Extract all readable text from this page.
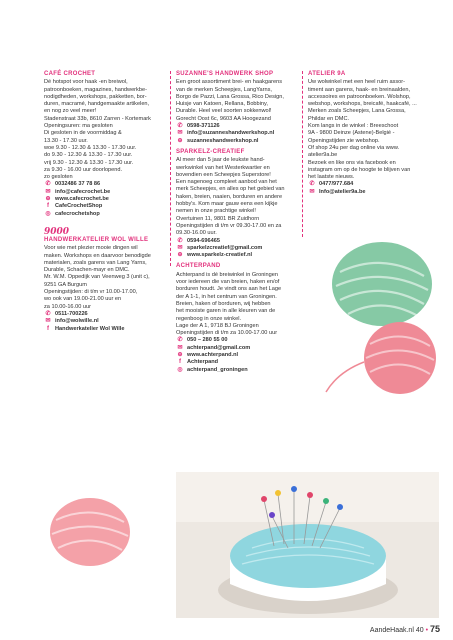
CAFÉ CROCHET
Dé hotspot voor haak -en breiwol,
patroonboeken, magazines, handwerkbe-
nodigdheden, workshops, pakketten, bor-
duren, macramé, handgemaakte artikelen,
en nog zo veel meer!
Stadenstraat 33b, 8610 Zarren - Kortemark
Openingsuren: ma gesloten
Di gesloten in de voormiddag &
13.30 - 17.30 uur.
woe 9.30 - 12.30 & 13.30 - 17.30 uur.
do 9.30 - 12.30 & 13.30 - 17.30 uur.
vrij 9.30 - 12.30 & 13.30 - 17.30 uur.
za 9.30 - 16.00 uur doorlopend.
zo gesloten
✆ 0032486 37 78 86
✉ info@cafecrochet.be
⊕ www.cafecrochet.be
f	CafeCrochetShop
◎ cafecrochetshop
9000
HANDWERKATELIER WOL WILLE
Voor wie met plezier mooie dingen wil
maken. Workshops en daarvoor benodigde
materialen, zoals garens van Lang Yarns,
Durable, Schachen-mayr en DMC.
Mr. W.M. Oppedijk van Veenweg 3 (unit c),
9251 GA Burgum
Openingstijden: di t/m vr 10.00-17.00,
wo ook van 19.00-21.00 uur en
za 10.00-16.00 uur
✆ 0511-700226
✉ info@wolwille.nl
f	Handwerkatelier Wol Wille
SUZANNE'S HANDWERK SHOP
Een groot assortiment brei- en haakgarens
van de merken Scheepjes, LangYarns,
Borgo de Pazzi, Lana Grossa, Rico Design,
Huisje van Katoen, Rellana, Bobbiny,
Durable. Heel veel soorten sokkenwol!
Gorecht Oost 6c, 9603 AA Hoogezand
✆ 0598-371126
✉ info@suzanneshandwerkshop.nl
⊕ suzanneshandwerkshop.nl
SPARKELZ-CREATIEF
Al meer dan 5 jaar de leukste hand-
werkwinkel van het Westerkwartier en
bovendien een Scheepjes Superstore!
Een nagenoeg compleet aanbod van het
merk Scheepjes, en alles op het gebied van
haken, breien, naaien, borduren en andere
hobby's. Kom maar gauw eens een kijkje
nemen in onze prachtige winkel!
Overtuinen 11, 9801 BR Zuidhorn
Openingstijden di t/m vr 09.30-17.00 en za
09.30-16.00 uur.
✆ 0594-696465
✉ sparkelzcreatief@gmail.com
⊕ www.sparkelz-creatief.nl
ACHTERPAND
Achterpand is dé breiwinkel in Groningen
voor iedereen die van breien, haken en/of
borduren houdt. Je vindt ons aan het Lage
der A 1-1, in het centrum van Groningen.
Breien, haken of borduren, wij hebben
het mooiste garen in alle kleuren van de
regenboog in onze winkel.
Lage der A 1, 9718 BJ Groningen
Openingstijden di t/m za 10.00-17.00 uur
✆ 050 – 280 55 00
✉ achterpand@gmail.com
⊕ www.achterpand.nl
f	Achterpand
◎ achterpand_groningen
ATELIER 9A
Uw wolwinkel met een heel ruim assor-
timent aan garens, haak- en breinaalden,
accessoires en patroonboeken. Wolshop,
webshop, workshops, breicafé, haakcafé, ...
Merken zoals Scheepjes, Lana Grossa,
Phildar en DMC.
Kom langs in de winkel : Breeschoot
9A - 9800 Deinze (Astene)-Belgié -
Openingstijden zie webshop.
Of shop 24u per dag online via www.
atelier9a.be
Bezoek en like ons via facebook en
instagram om op de hoogte te blijven van
het laatste nieuws.
✆ 0477/977.684
✉ Info@atelier9a.be
AandeHaak.nl 40 • 75
